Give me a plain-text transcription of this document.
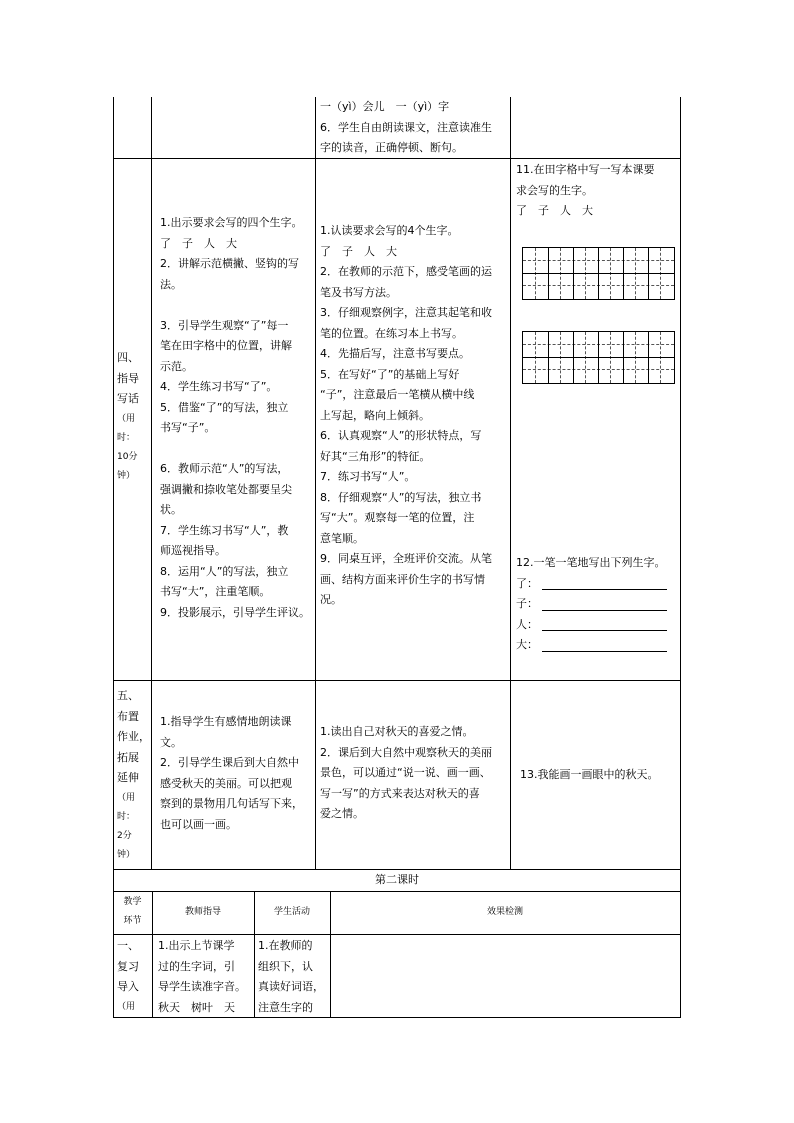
一（yì）会儿　一（yì）字
6．学生自由朗读课文，注意读准生
字的读音，正确停顿、断句。
四、
指导
写话
（用
时：
10分
钟）
1.出示要求会写的四个生字。
了　子　人　大
2．讲解示范横撇、竖钩的写
法。

3．引导学生观察“了”每一
笔在田字格中的位置，讲解
示范。
4．学生练习书写“了”。
5．借鉴“了”的写法，独立
书写“子”。

6．教师示范“人”的写法，
强调撇和捺收笔处都要呈尖
状。
7．学生练习书写“人”，教
师巡视指导。
8．运用“人”的写法，独立
书写“大”，注重笔顺。
9．投影展示，引导学生评议。
1.认读要求会写的4个生字。
了　子　人　大
2．在教师的示范下，感受笔画的运
笔及书写方法。
3．仔细观察例字，注意其起笔和收
笔的位置。在练习本上书写。
4．先描后写，注意书写要点。
5．在写好“了”的基础上写好
“子”，注意最后一笔横从横中线
上写起，略向上倾斜。
6．认真观察“人”的形状特点，写
好其“三角形”的特征。
7．练习书写“人”。
8．仔细观察“人”的写法，独立书
写“大”。观察每一笔的位置，注
意笔顺。
9．同桌互评，全班评价交流。从笔
画、结构方面来评价生字的书写情
况。
11.在田字格中写一写本课要
求会写的生字。
了　子　人　大
12.一笔一笔地写出下列生字。
了：
子：
人：
大：
五、
布置
作业，
拓展
延伸
（用
时：
2分
钟）
1.指导学生有感情地朗读课
文。
2．引导学生课后到大自然中
感受秋天的美丽。可以把观
察到的景物用几句话写下来，
也可以画一画。
1.读出自己对秋天的喜爱之情。
2．课后到大自然中观察秋天的美丽
景色，可以通过“说一说、画一画、
写一写”的方式来表达对秋天的喜
爱之情。
13.我能画一画眼中的秋天。
第二课时
教学
环节
教师指导	学生活动	效果检测
一、
复习
导入
（用
1.出示上节课学
过的生字词，引
导学生读准字音。
秋天　树叶　天
1.在教师的
组织下，认
真读好词语，
注意生字的
